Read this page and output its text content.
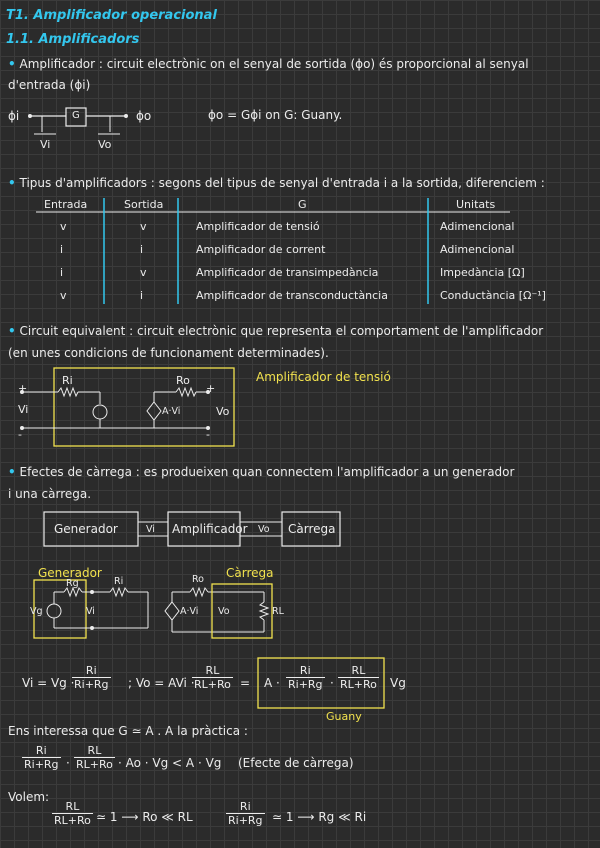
T1. Amplificador operacional
1.1. Amplificadors
• Amplificador : circuit electrònic on el senyal de sortida (ɸo) és proporcional al senyal
d'entrada (ɸi)
ɸi	G	ɸo
Vi	Vo
ɸo = Gɸi on G: Guany.
• Tipus d'amplificadors : segons del tipus de senyal d'entrada i a la sortida, diferenciem :
Entrada	Sortida	G	Unitats
v	v	Amplificador de tensió	Adimencional
i	i	Amplificador de corrent	Adimencional
i	v	Amplificador de transimpedància	Impedància [Ω]
v	i	Amplificador de transconductància	Conductància [Ω⁻¹]
• Circuit equivalent : circuit electrònic que representa el comportament de l'amplificador
(en unes condicions de funcionament determinades).
Amplificador de tensió
Ri	Ro
Vi	Vo
A·Vi
+
-
+
-
• Efectes de càrrega : es produeixen quan connectem l'amplificador a un generador
i una càrrega.
Generador	Amplificador	Càrrega
Vi	Vo
Generador	Càrrega
Rg	Ri	Ro
RL
Vg	A·Vi
Vi	Vo
Vi = Vg ·
$\frac{Ri}{Ri+Rg}$ ; Vo = AVi ·
$\frac{RL}{RL+Ro} = A \cdot \frac{Ri}{Ri+Rg} \cdot \frac{RL}{RL+Ro}$ Vg
Guany
Ens interessa que G ≃ A . A la pràctica :
$\frac{Ri}{Ri+Rg} \cdot \frac{RL}{RL+Ro} \cdot Ao \cdot Vg < A \cdot Vg$ (Efecte de càrrega)
Volem:
$\frac{RL}{RL+Ro}$ ≃ 1 ⟶ Ro ≪ RL	$\frac{Ri}{Ri+Rg}$ ≃ 1 ⟶ Rg ≪ Ri
